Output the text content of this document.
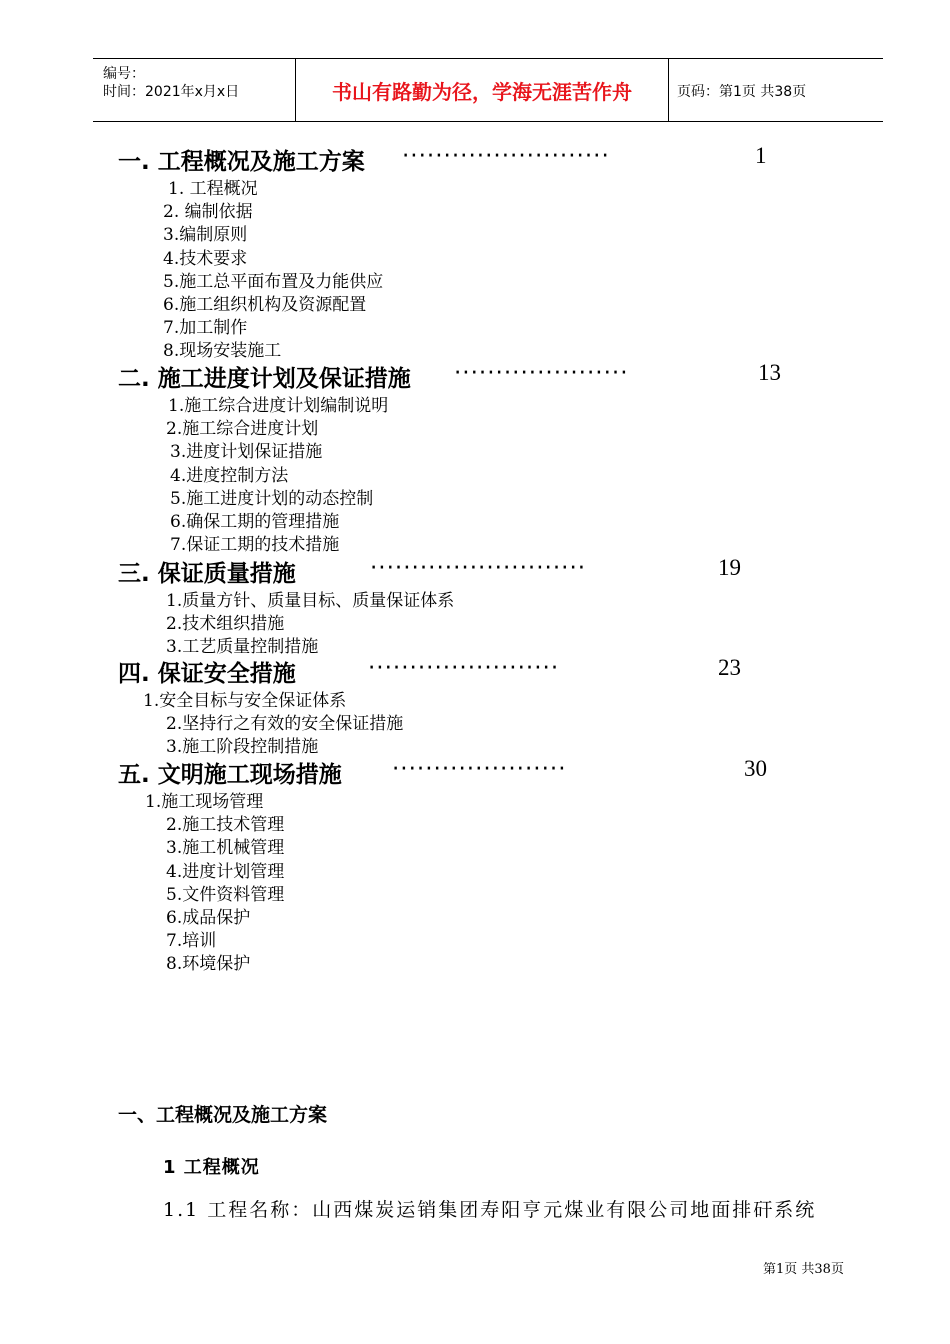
编号：
时间：2021年x月x日	书山有路勤为径，学海无涯苦作舟	页码：第1页 共38页
一. 工程概况及施工方案 ·························	1
1. 工程概况
2. 编制依据
3.编制原则
4.技术要求
5.施工总平面布置及力能供应
6.施工组织机构及资源配置
7.加工制作
8.现场安装施工
二. 施工进度计划及保证措施 ·····················	13
1.施工综合进度计划编制说明
2.施工综合进度计划
3.进度计划保证措施
4.进度控制方法
5.施工进度计划的动态控制
6.确保工期的管理措施
7.保证工期的技术措施
三. 保证质量措施	··························	19
1.质量方针、质量目标、质量保证体系
2.技术组织措施
3.工艺质量控制措施
四. 保证安全措施	·······················	23
1.安全目标与安全保证体系
2.坚持行之有效的安全保证措施
3.施工阶段控制措施
五. 文明施工现场措施 ·····················	30
1.施工现场管理
2.施工技术管理
3.施工机械管理
4.进度计划管理
5.文件资料管理
6.成品保护
7.培训
8.环境保护
一、工程概况及施工方案
1 工程概况
1.1 工程名称：山西煤炭运销集团寿阳亨元煤业有限公司地面排矸系统
第1页 共38页
